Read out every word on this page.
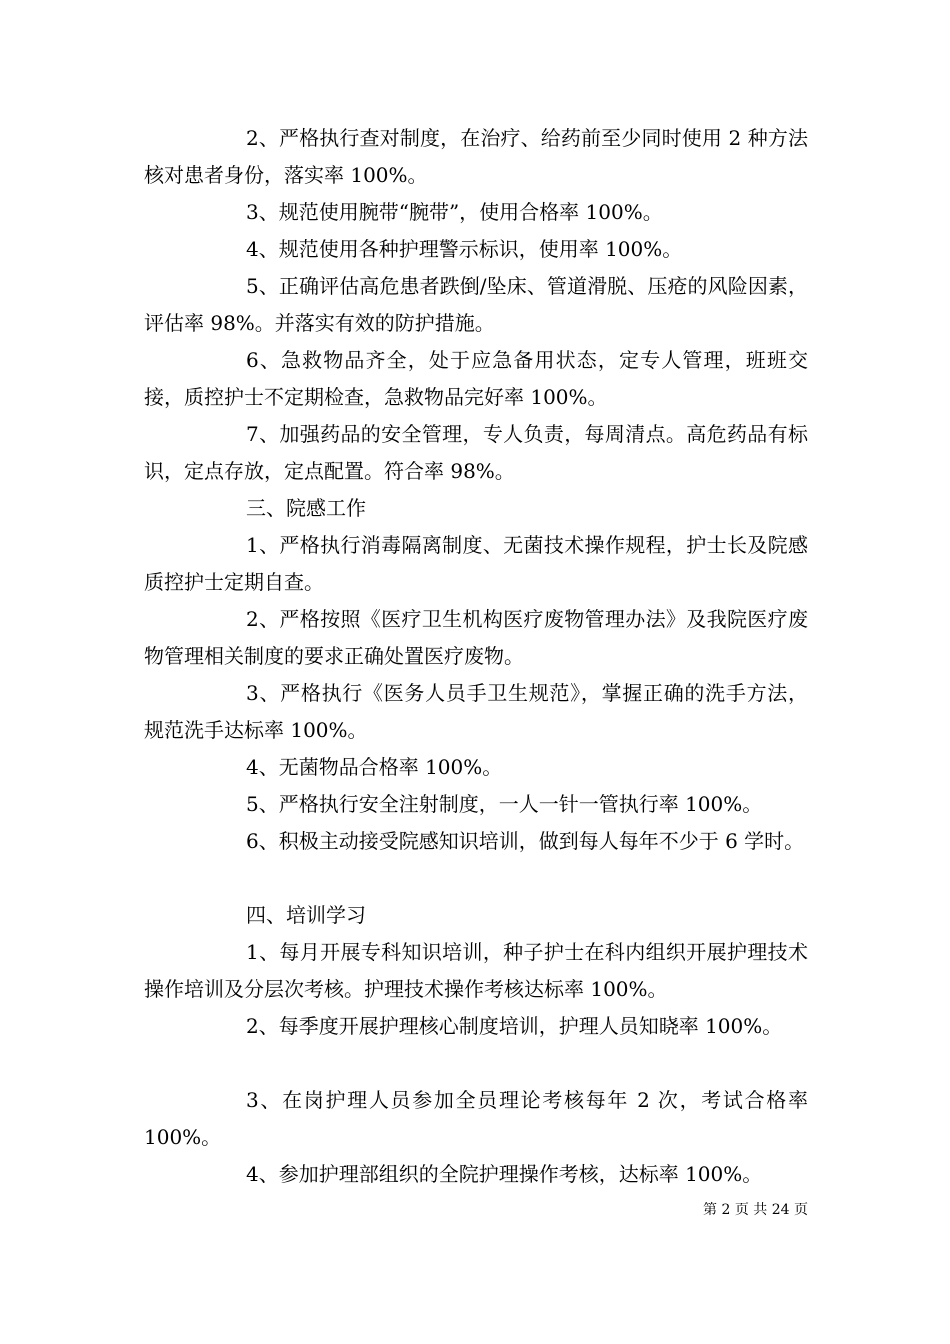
2、严格执行查对制度，在治疗、给药前至少同时使用 2 种方法核对患者身份，落实率 100%。
3、规范使用腕带“腕带”，使用合格率 100%。
4、规范使用各种护理警示标识，使用率 100%。
5、正确评估高危患者跌倒/坠床、管道滑脱、压疮的风险因素，评估率 98%。并落实有效的防护措施。
6、急救物品齐全，处于应急备用状态，定专人管理，班班交接，质控护士不定期检查，急救物品完好率 100%。
7、加强药品的安全管理，专人负责，每周清点。高危药品有标识，定点存放，定点配置。符合率 98%。
三、院感工作
1、严格执行消毒隔离制度、无菌技术操作规程，护士长及院感质控护士定期自查。
2、严格按照《医疗卫生机构医疗废物管理办法》及我院医疗废物管理相关制度的要求正确处置医疗废物。
3、严格执行《医务人员手卫生规范》，掌握正确的洗手方法，规范洗手达标率 100%。
4、无菌物品合格率 100%。
5、严格执行安全注射制度，一人一针一管执行率 100%。
6、积极主动接受院感知识培训，做到每人每年不少于 6 学时。
四、培训学习
1、每月开展专科知识培训，种子护士在科内组织开展护理技术操作培训及分层次考核。护理技术操作考核达标率 100%。
2、每季度开展护理核心制度培训，护理人员知晓率 100%。
3、在岗护理人员参加全员理论考核每年 2 次，考试合格率 100%。
4、参加护理部组织的全院护理操作考核，达标率 100%。
第 2 页 共 24 页
